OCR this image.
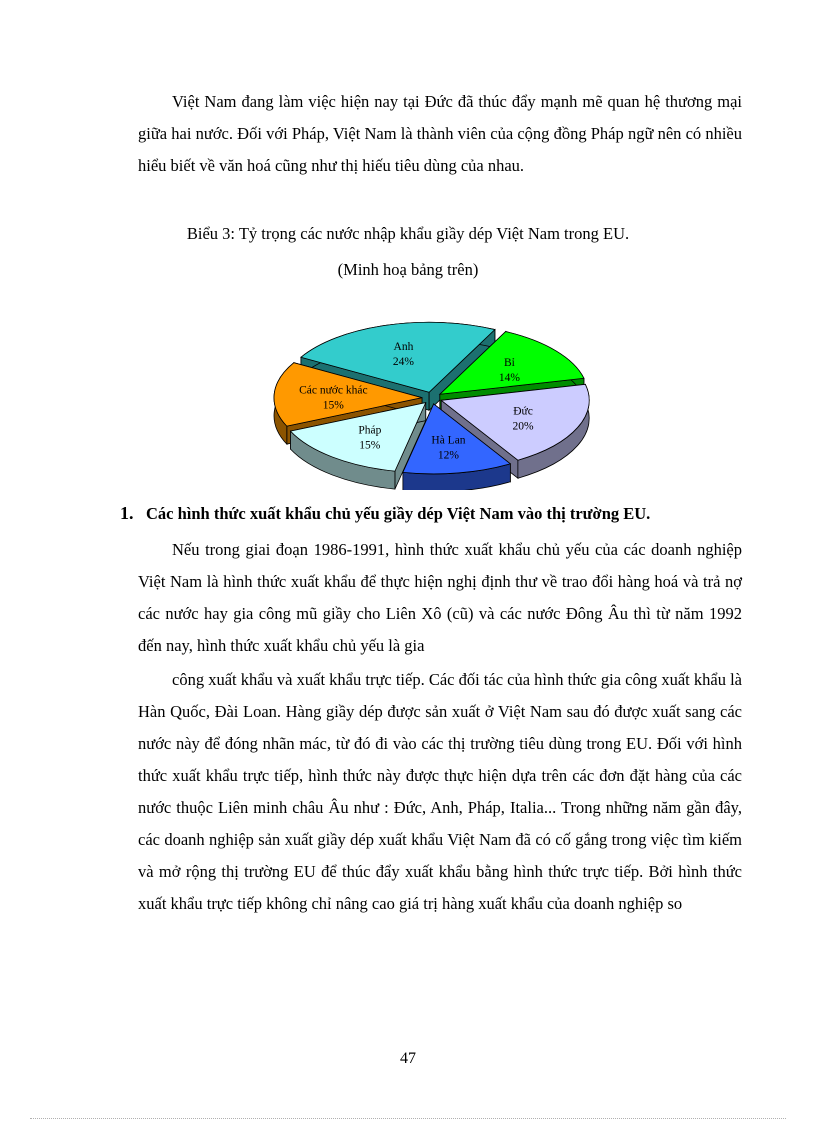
Việt Nam đang làm việc hiện nay tại Đức đã thúc đẩy mạnh mẽ quan hệ thương mại giữa hai nước. Đối với Pháp, Việt Nam là thành viên của cộng đồng Pháp ngữ nên có nhiều hiểu biết về văn hoá cũng như thị hiếu tiêu dùng của nhau.

Biểu 3: Tỷ trọng các nước nhập khẩu giầy dép Việt Nam trong EU.

(Minh hoạ bảng trên)

Anh
24%	Bỉ
14%
Đức
20%
Hà Lan
12%
Pháp
15%
Các nước khác
15%

1. Các hình thức xuất khẩu chủ yếu giầy dép Việt Nam vào thị trường EU.

Nếu trong giai đoạn 1986-1991, hình thức xuất khẩu chủ yếu của các doanh nghiệp Việt Nam là hình thức xuất khẩu để thực hiện nghị định thư về trao đổi hàng hoá và trả nợ các nước hay gia công mũ giầy cho Liên Xô (cũ) và các nước Đông Âu thì từ năm 1992 đến nay, hình thức xuất khẩu chủ yếu là gia

công xuất khẩu và xuất khẩu trực tiếp. Các đối tác của hình thức gia công xuất khẩu là Hàn Quốc, Đài Loan. Hàng giầy dép được sản xuất ở Việt Nam sau đó được xuất sang các nước này để đóng nhãn mác, từ đó đi vào các thị trường tiêu dùng trong EU. Đối với hình thức xuất khẩu trực tiếp, hình thức này được thực hiện dựa trên các đơn đặt hàng của các nước thuộc Liên minh châu Âu như : Đức, Anh, Pháp, Italia... Trong những năm gần đây, các doanh nghiệp sản xuất giầy dép xuất khẩu Việt Nam đã có cố gắng trong việc tìm kiếm và mở rộng thị trường EU để thúc đẩy xuất khẩu bằng hình thức trực tiếp. Bởi hình thức xuất khẩu trực tiếp không chỉ nâng cao giá trị hàng xuất khẩu của doanh nghiệp so

47
